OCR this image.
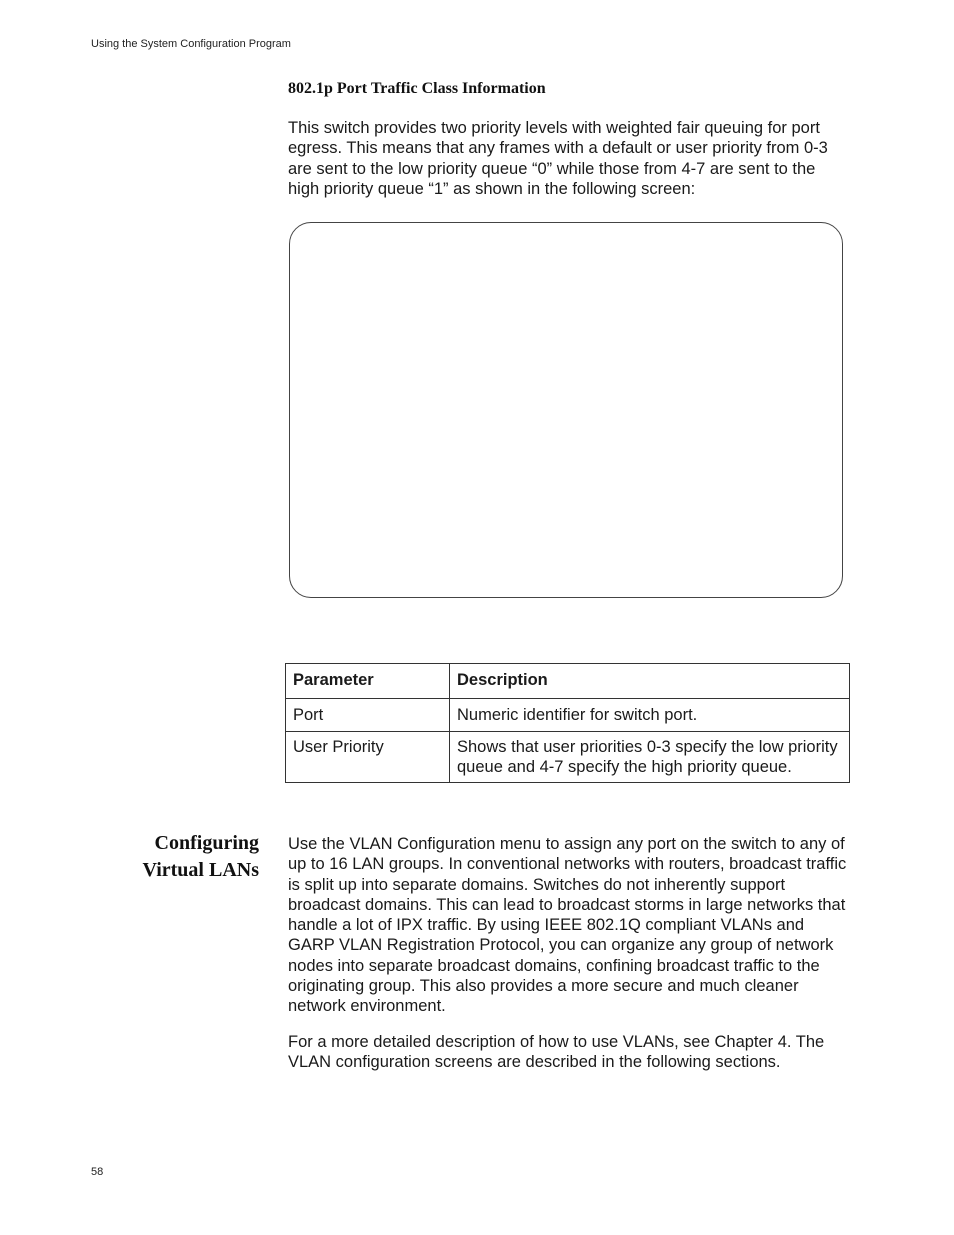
Using the System Configuration Program
802.1p Port Traffic Class Information
This switch provides two priority levels with weighted fair queuing for port egress. This means that any frames with a default or user priority from 0-3 are sent to the low priority queue “0” while those from 4-7 are sent to the high priority queue “1” as shown in the following screen:
Parameter	Description
Port	Numeric identifier for switch port.
User Priority	Shows that user priorities 0-3 specify the low priority queue and 4-7 specify the high priority queue.
Configuring
Virtual LANs
Use the VLAN Configuration menu to assign any port on the switch to any of up to 16 LAN groups. In conventional networks with routers, broadcast traffic is split up into separate domains. Switches do not inherently support broadcast domains. This can lead to broadcast storms in large networks that handle a lot of IPX traffic. By using IEEE 802.1Q compliant VLANs and GARP VLAN Registration Protocol, you can organize any group of network nodes into separate broadcast domains, confining broadcast traffic to the originating group. This also provides a more secure and much cleaner network environment.
For a more detailed description of how to use VLANs, see Chapter 4. The VLAN configuration screens are described in the following sections.
58
